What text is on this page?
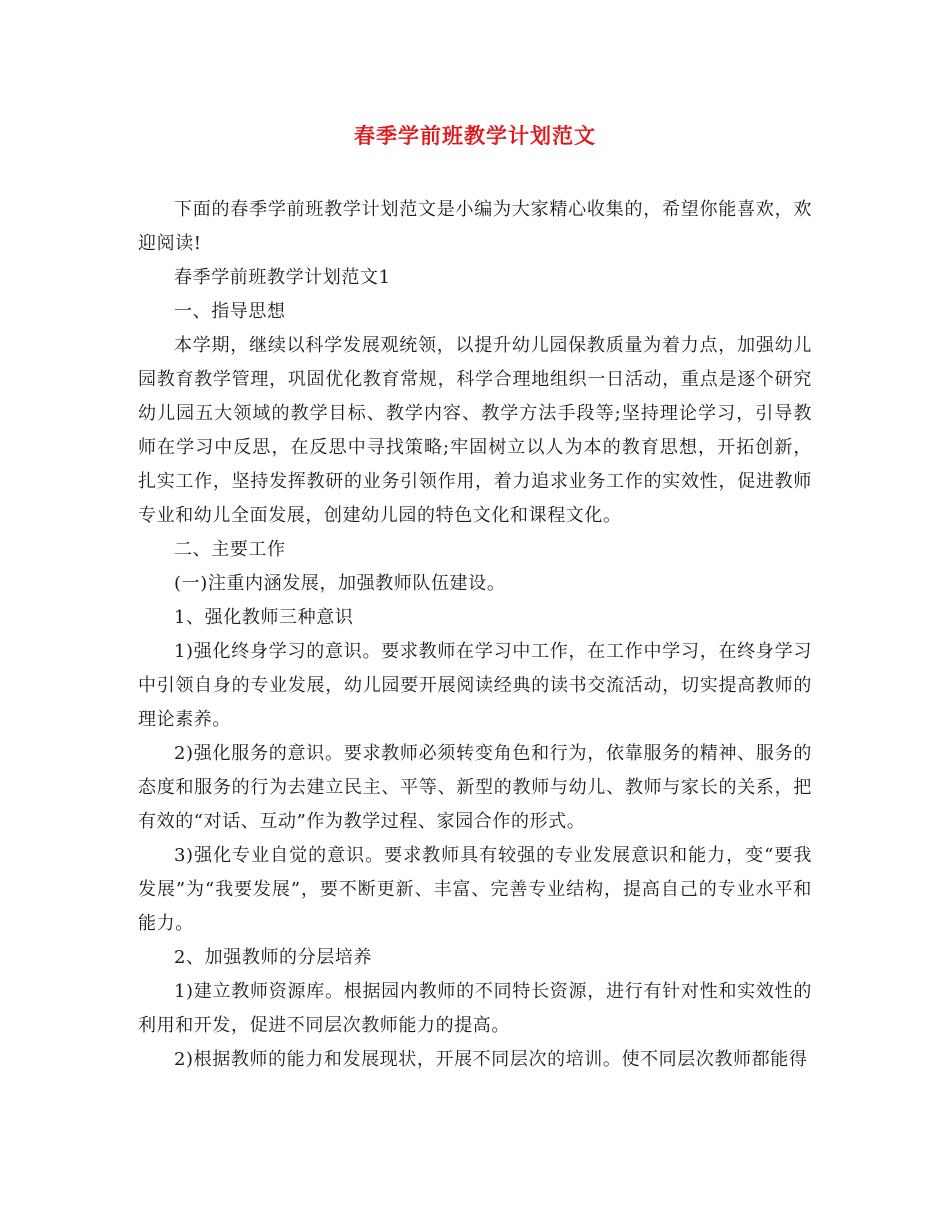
春季学前班教学计划范文

下面的春季学前班教学计划范文是小编为大家精心收集的，希望你能喜欢，欢迎阅读!

春季学前班教学计划范文1

一、指导思想

本学期，继续以科学发展观统领，以提升幼儿园保教质量为着力点，加强幼儿园教育教学管理，巩固优化教育常规，科学合理地组织一日活动，重点是逐个研究幼儿园五大领域的教学目标、教学内容、教学方法手段等;坚持理论学习，引导教师在学习中反思，在反思中寻找策略;牢固树立以人为本的教育思想，开拓创新，扎实工作，坚持发挥教研的业务引领作用，着力追求业务工作的实效性，促进教师专业和幼儿全面发展，创建幼儿园的特色文化和课程文化。

二、主要工作

(一)注重内涵发展，加强教师队伍建设。

1、强化教师三种意识

1)强化终身学习的意识。要求教师在学习中工作，在工作中学习，在终身学习中引领自身的专业发展，幼儿园要开展阅读经典的读书交流活动，切实提高教师的理论素养。

2)强化服务的意识。要求教师必须转变角色和行为，依靠服务的精神、服务的态度和服务的行为去建立民主、平等、新型的教师与幼儿、教师与家长的关系，把有效的“对话、互动”作为教学过程、家园合作的形式。

3)强化专业自觉的意识。要求教师具有较强的专业发展意识和能力，变“要我发展”为“我要发展”，要不断更新、丰富、完善专业结构，提高自己的专业水平和能力。

2、加强教师的分层培养

1)建立教师资源库。根据园内教师的不同特长资源，进行有针对性和实效性的利用和开发，促进不同层次教师能力的提高。

2)根据教师的能力和发展现状，开展不同层次的培训。使不同层次教师都能得
